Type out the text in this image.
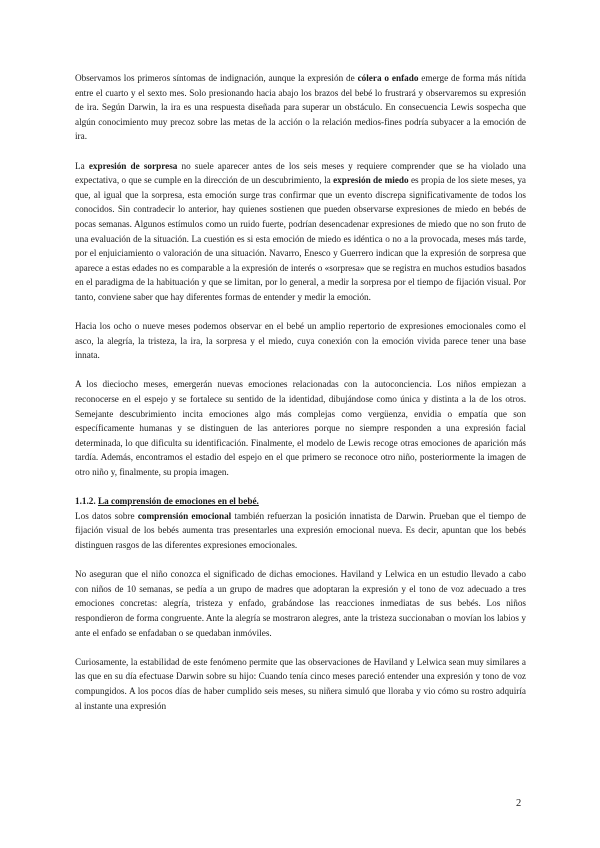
Observamos los primeros síntomas de indignación, aunque la expresión de cólera o enfado emerge de forma más nítida entre el cuarto y el sexto mes. Solo presionando hacia abajo los brazos del bebé lo frustrará y observaremos su expresión de ira. Según Darwin, la ira es una respuesta diseñada para superar un obstáculo. En consecuencia Lewis sospecha que algún conocimiento muy precoz sobre las metas de la acción o la relación medios-fines podría subyacer a la emoción de ira.

La expresión de sorpresa no suele aparecer antes de los seis meses y requiere comprender que se ha violado una expectativa, o que se cumple en la dirección de un descubrimiento, la expresión de miedo es propia de los siete meses, ya que, al igual que la sorpresa, esta emoción surge tras confirmar que un evento discrepa significativamente de todos los conocidos. Sin contradecir lo anterior, hay quienes sostienen que pueden observarse expresiones de miedo en bebés de pocas semanas. Algunos estímulos como un ruido fuerte, podrían desencadenar expresiones de miedo que no son fruto de una evaluación de la situación. La cuestión es si esta emoción de miedo es idéntica o no a la provocada, meses más tarde, por el enjuiciamiento o valoración de una situación. Navarro, Enesco y Guerrero indican que la expresión de sorpresa que aparece a estas edades no es comparable a la expresión de interés o «sorpresa» que se registra en muchos estudios basados en el paradigma de la habituación y que se limitan, por lo general, a medir la sorpresa por el tiempo de fijación visual. Por tanto, conviene saber que hay diferentes formas de entender y medir la emoción.

Hacia los ocho o nueve meses podemos observar en el bebé un amplio repertorio de expresiones emocionales como el asco, la alegría, la tristeza, la ira, la sorpresa y el miedo, cuya conexión con la emoción vivida parece tener una base innata.

A los dieciocho meses, emergerán nuevas emociones relacionadas con la autoconciencia. Los niños empiezan a reconocerse en el espejo y se fortalece su sentido de la identidad, dibujándose como única y distinta a la de los otros. Semejante descubrimiento incita emociones algo más complejas como vergüenza, envidia o empatía que son específicamente humanas y se distinguen de las anteriores porque no siempre responden a una expresión facial determinada, lo que dificulta su identificación. Finalmente, el modelo de Lewis recoge otras emociones de aparición más tardía. Además, encontramos el estadio del espejo en el que primero se reconoce otro niño, posteriormente la imagen de otro niño y, finalmente, su propia imagen.

1.1.2. La comprensión de emociones en el bebé.

Los datos sobre comprensión emocional también refuerzan la posición innatista de Darwin. Prueban que el tiempo de fijación visual de los bebés aumenta tras presentarles una expresión emocional nueva. Es decir, apuntan que los bebés distinguen rasgos de las diferentes expresiones emocionales.

No aseguran que el niño conozca el significado de dichas emociones. Haviland y Lelwica en un estudio llevado a cabo con niños de 10 semanas, se pedía a un grupo de madres que adoptaran la expresión y el tono de voz adecuado a tres emociones concretas: alegría, tristeza y enfado, grabándose las reacciones inmediatas de sus bebés. Los niños respondieron de forma congruente. Ante la alegría se mostraron alegres, ante la tristeza succionaban o movían los labios y ante el enfado se enfadaban o se quedaban inmóviles.

Curiosamente, la estabilidad de este fenómeno permite que las observaciones de Haviland y Lelwica sean muy similares a las que en su día efectuase Darwin sobre su hijo: Cuando tenía cinco meses pareció entender una expresión y tono de voz compungidos. A los pocos días de haber cumplido seis meses, su niñera simuló que lloraba y vio cómo su rostro adquiría al instante una expresión

2
